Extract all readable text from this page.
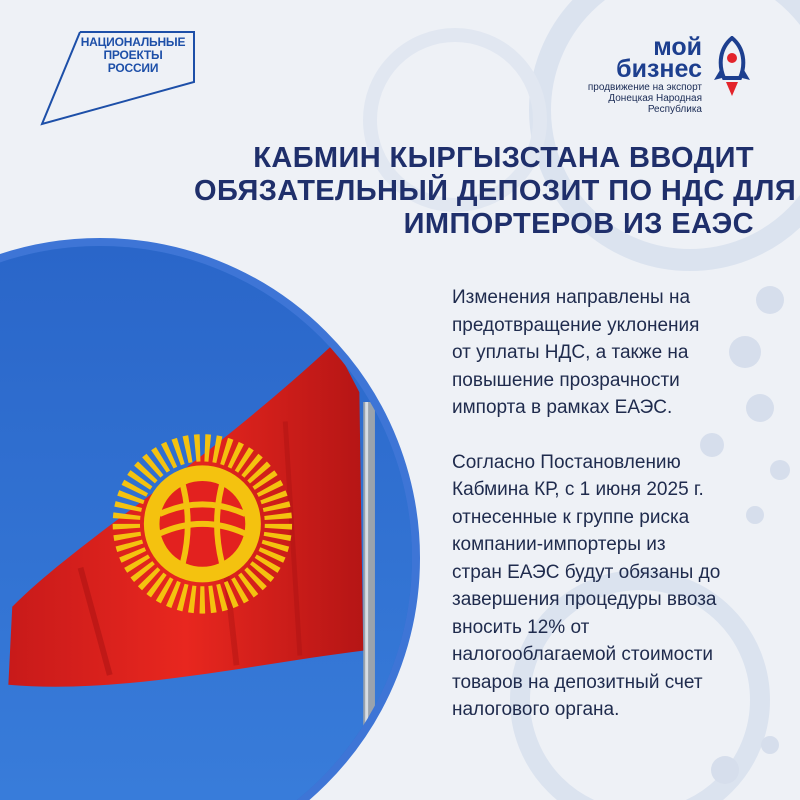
НАЦИОНАЛЬНЫЕ
ПРОЕКТЫ
РОССИИ
мой
бизнес
продвижение на экспорт
Донецкая Народная
Республика
КАБМИН КЫРГЫЗСТАНА ВВОДИТ
ОБЯЗАТЕЛЬНЫЙ ДЕПОЗИТ ПО НДС ДЛЯ
ИМПОРТЕРОВ ИЗ ЕАЭС

Изменения направлены на

предотвращение уклонения

от уплаты НДС, а также на

повышение прозрачности

импорта в рамках ЕАЭС.

Согласно Постановлению

Кабмина КР, с 1 июня 2025 г.

отнесенные к группе риска

компании-импортеры из

стран ЕАЭС будут обязаны до

завершения процедуры ввоза

вносить 12% от

налогооблагаемой стоимости

товаров на депозитный счет

налогового органа.
